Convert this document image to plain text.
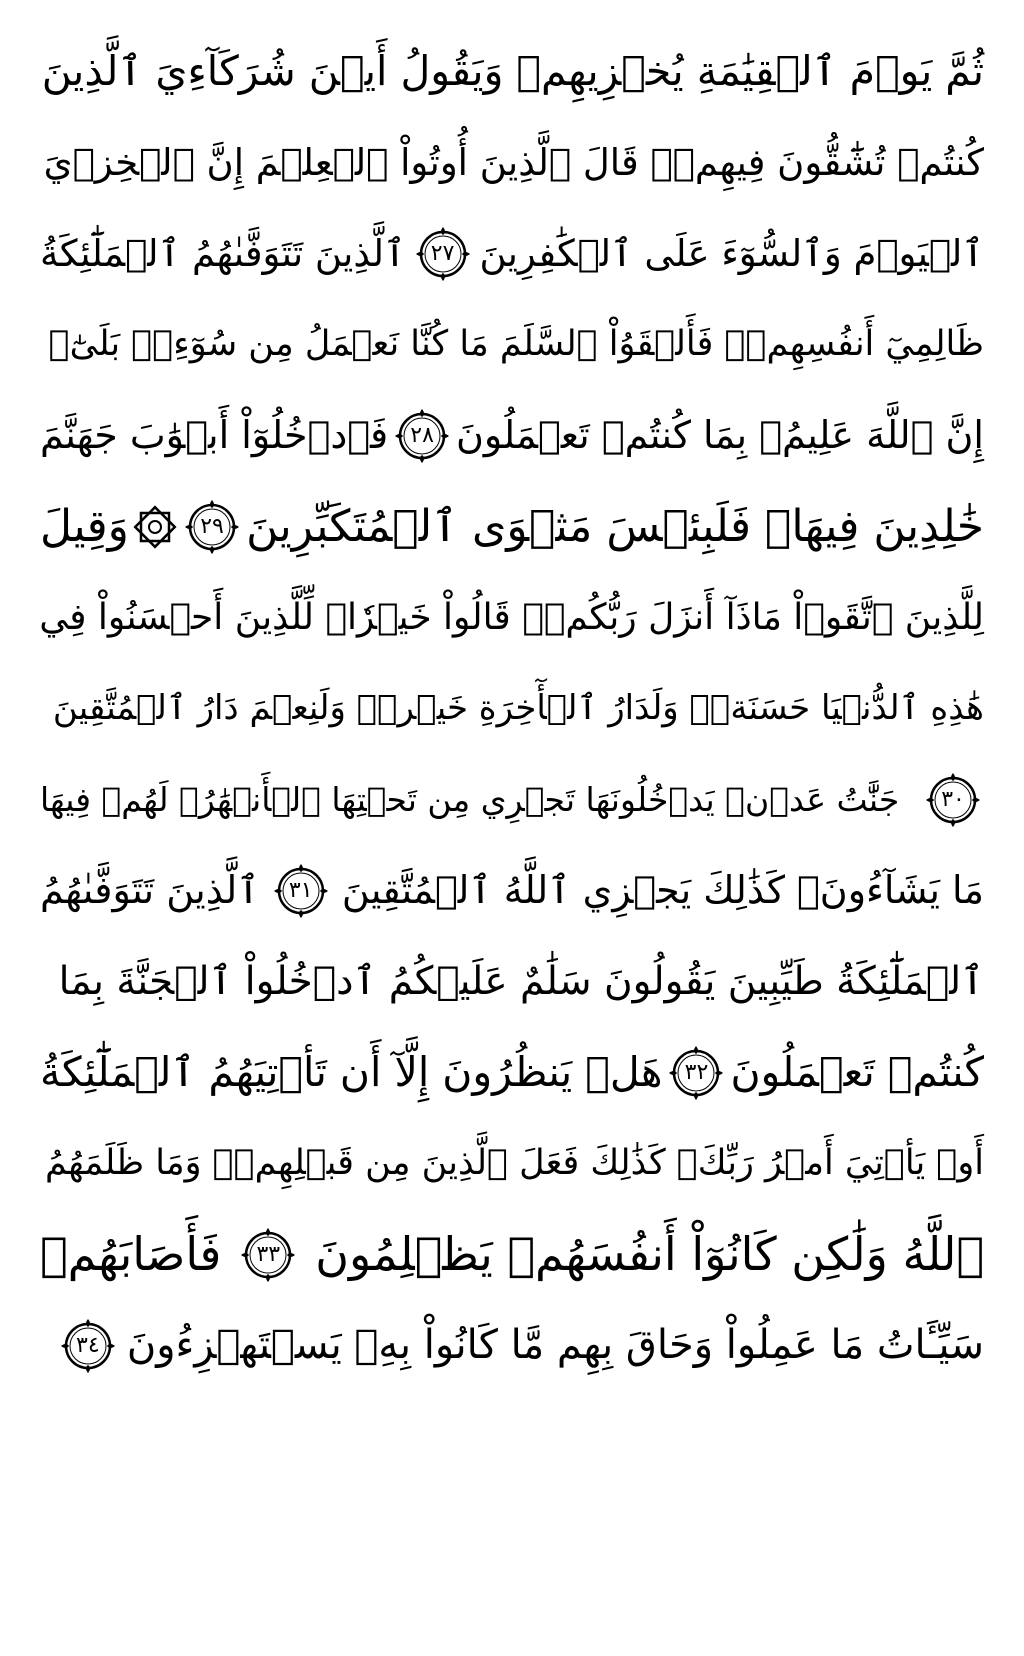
ثُمَّ يَوۡمَ ٱلۡقِيَٰمَةِ يُخۡزِيهِمۡ وَيَقُولُ أَيۡنَ شُرَكَآءِيَ ٱلَّذِينَ
كُنتُمۡ تُشَٰٓقُّونَ فِيهِمۡۚ قَالَ ٱلَّذِينَ أُوتُواْ ٱلۡعِلۡمَ إِنَّ ٱلۡخِزۡيَ
ٱلۡيَوۡمَ وَٱلسُّوٓءَ عَلَى ٱلۡكَٰفِرِينَ
٢٧
ٱلَّذِينَ تَتَوَفَّىٰهُمُ ٱلۡمَلَٰٓئِكَةُ
ظَالِمِيٓ أَنفُسِهِمۡۖ فَأَلۡقَوُاْ ٱلسَّلَمَ مَا كُنَّا نَعۡمَلُ مِن سُوٓءِۭۚ بَلَىٰٓۚ
إِنَّ ٱللَّهَ عَلِيمُۢ بِمَا كُنتُمۡ تَعۡمَلُونَ
٢٨
فَٱدۡخُلُوٓاْ أَبۡوَٰبَ جَهَنَّمَ
خَٰلِدِينَ فِيهَاۖ فَلَبِئۡسَ مَثۡوَى ٱلۡمُتَكَبِّرِينَ
٢٩
وَقِيلَ
لِلَّذِينَ ٱتَّقَوۡاْ مَاذَآ أَنزَلَ رَبُّكُمۡۚ قَالُواْ خَيۡرٗاۗ لِّلَّذِينَ أَحۡسَنُواْ فِي
هَٰذِهِ ٱلدُّنۡيَا حَسَنَةٞۚ وَلَدَارُ ٱلۡأٓخِرَةِ خَيۡرٞۚ وَلَنِعۡمَ دَارُ ٱلۡمُتَّقِينَ
٣٠
جَنَّٰتُ عَدۡنٖ يَدۡخُلُونَهَا تَجۡرِي مِن تَحۡتِهَا ٱلۡأَنۡهَٰرُۖ لَهُمۡ فِيهَا
مَا يَشَآءُونَۚ كَذَٰلِكَ يَجۡزِي ٱللَّهُ ٱلۡمُتَّقِينَ
٣١
ٱلَّذِينَ تَتَوَفَّىٰهُمُ
ٱلۡمَلَٰٓئِكَةُ طَيِّبِينَ يَقُولُونَ سَلَٰمٌ عَلَيۡكُمُ ٱدۡخُلُواْ ٱلۡجَنَّةَ بِمَا
كُنتُمۡ تَعۡمَلُونَ
٣٢
هَلۡ يَنظُرُونَ إِلَّآ أَن تَأۡتِيَهُمُ ٱلۡمَلَٰٓئِكَةُ
أَوۡ يَأۡتِيَ أَمۡرُ رَبِّكَۚ كَذَٰلِكَ فَعَلَ ٱلَّذِينَ مِن قَبۡلِهِمۡۚ وَمَا ظَلَمَهُمُ
ٱللَّهُ وَلَٰكِن كَانُوٓاْ أَنفُسَهُمۡ يَظۡلِمُونَ
٣٣
فَأَصَابَهُمۡ
سَيِّـَٔاتُ مَا عَمِلُواْ وَحَاقَ بِهِم مَّا كَانُواْ بِهِۦ يَسۡتَهۡزِءُونَ
٣٤
